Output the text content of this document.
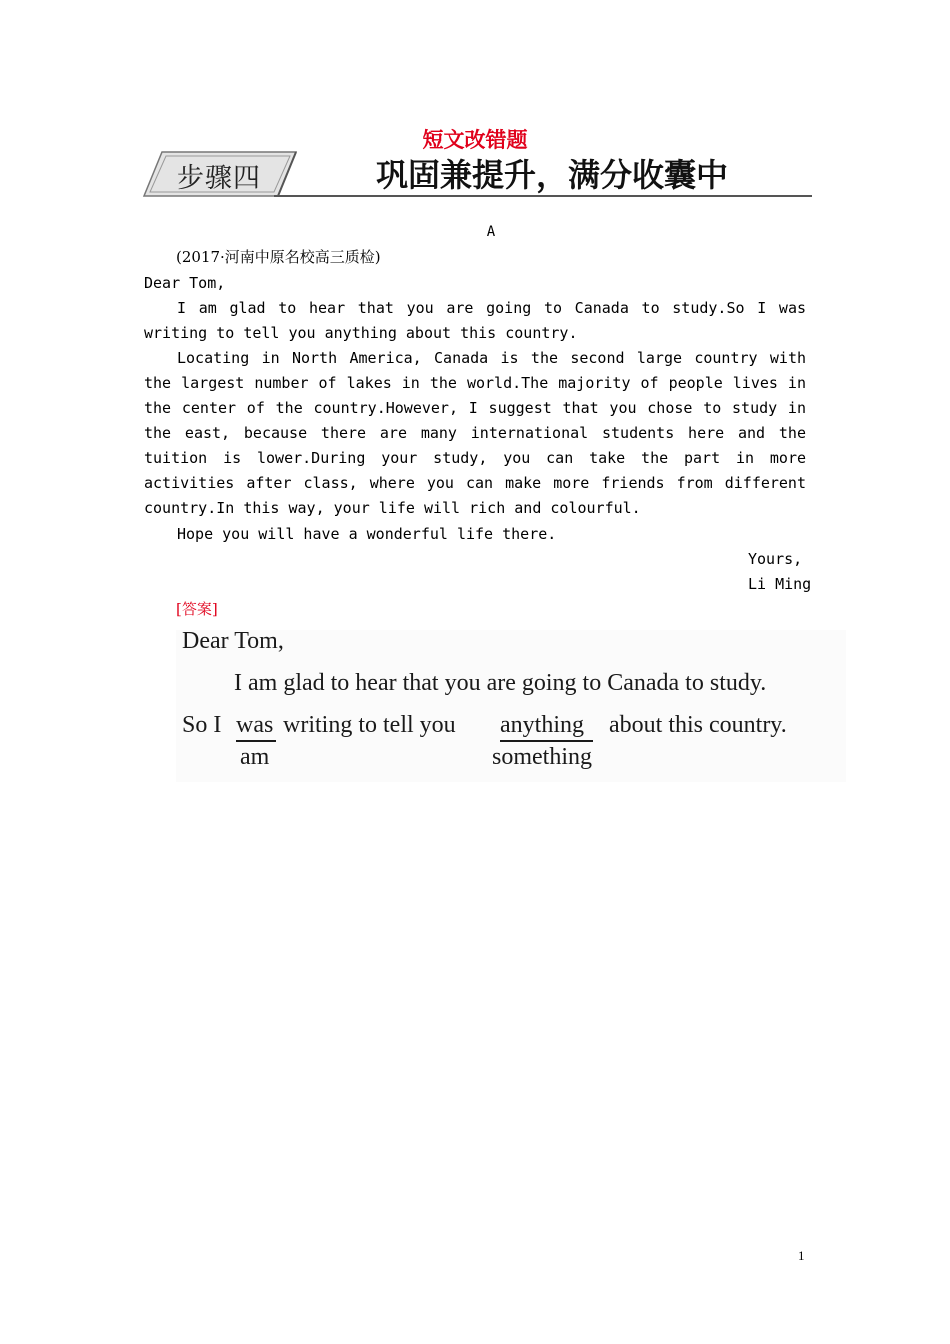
短文改错题
步骤四	巩固兼提升，满分收囊中
A
(2017·河南中原名校高三质检)
Dear Tom,
I am glad to hear that you are going to Canada to study.So I was writing to tell you anything about this country.
Locating in North America, Canada is the second large country with the largest number of lakes in the world.The majority of people lives in the center of the country.However, I suggest that you chose to study in the east, because there are many international students here and the tuition is lower.During your study, you can take the part in more activities after class, where you can make more friends from different country.In this way, your life will rich and colourful.
Hope you will have a wonderful life there.
Yours,
Li Ming
[答案]
Dear Tom,
I am glad to hear that you are going to Canada to study.
So I was writing to tell you anything about this country.
am	something
1
